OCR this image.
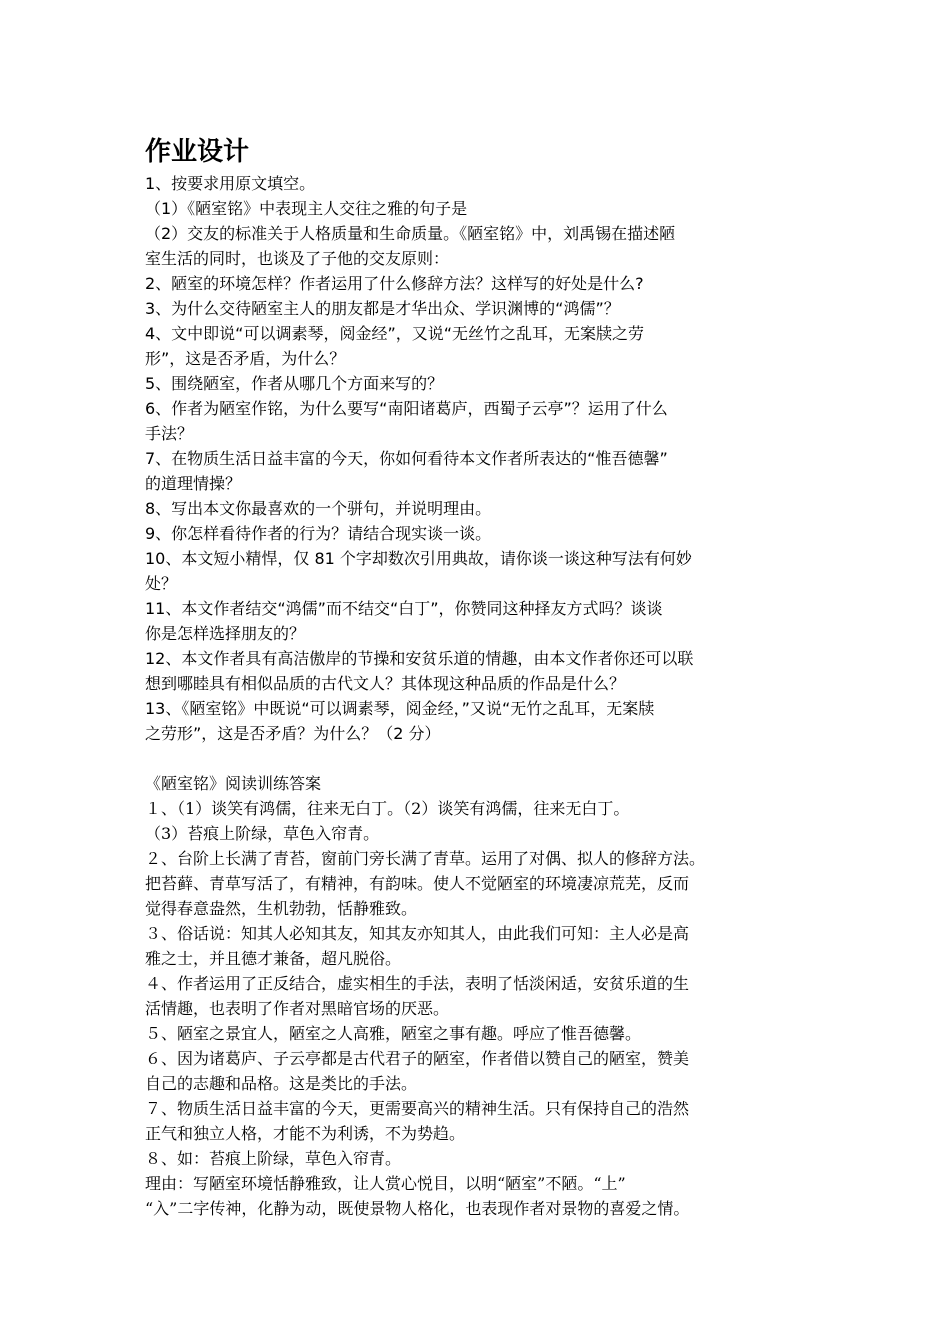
作业设计

1、按要求用原文填空。

（1）《陋室铭》中表现主人交往之雅的句子是

（2）交友的标准关于人格质量和生命质量。《陋室铭》中，刘禹锡在描述陋

室生活的同时，也谈及了子他的交友原则：

2、陋室的环境怎样？作者运用了什么修辞方法？这样写的好处是什么?

3、为什么交待陋室主人的朋友都是才华出众、学识渊博的“鸿儒”？

4、文中即说“可以调素琴，阅金经”，又说“无丝竹之乱耳，无案牍之劳

形”，这是否矛盾，为什么？

5、围绕陋室，作者从哪几个方面来写的？

6、作者为陋室作铭，为什么要写“南阳诸葛庐，西蜀子云亭”？运用了什么

手法？

7、在物质生活日益丰富的今天，你如何看待本文作者所表达的“惟吾德馨”

的道理情操？

8、写出本文你最喜欢的一个骈句，并说明理由。

9、你怎样看待作者的行为？请结合现实谈一谈。

10、本文短小精悍，仅 81 个字却数次引用典故，请你谈一谈这种写法有何妙

处？

11、本文作者结交“鸿儒”而不结交“白丁”，你赞同这种择友方式吗？谈谈

你是怎样选择朋友的？

12、本文作者具有高洁傲岸的节操和安贫乐道的情趣，由本文作者你还可以联

想到哪睦具有相似品质的古代文人？其体现这种品质的作品是什么？

13、《陋室铭》中既说“可以调素琴，阅金经，”又说“无竹之乱耳，无案牍

之劳形”，这是否矛盾？为什么？（2 分）

《陋室铭》阅读训练答案

１、（1）谈笑有鸿儒，往来无白丁。（2）谈笑有鸿儒，往来无白丁。

（3）苔痕上阶绿，草色入帘青。

２、台阶上长满了青苔，窗前门旁长满了青草。运用了对偶、拟人的修辞方法。

把苔藓、青草写活了，有精神，有韵味。使人不觉陋室的环境凄凉荒芜，反而

觉得春意盎然，生机勃勃，恬静雅致。

３、俗话说：知其人必知其友，知其友亦知其人，由此我们可知：主人必是高

雅之士，并且德才兼备，超凡脱俗。

４、作者运用了正反结合，虚实相生的手法，表明了恬淡闲适，安贫乐道的生

活情趣，也表明了作者对黑暗官场的厌恶。

５、陋室之景宜人，陋室之人高雅，陋室之事有趣。呼应了惟吾德馨。

６、因为诸葛庐、子云亭都是古代君子的陋室，作者借以赞自己的陋室，赞美

自己的志趣和品格。这是类比的手法。

７、物质生活日益丰富的今天，更需要高兴的精神生活。只有保持自己的浩然

正气和独立人格，才能不为利诱，不为势趋。

８、如：苔痕上阶绿，草色入帘青。

理由：写陋室环境恬静雅致，让人赏心悦目，以明“陋室”不陋。“上”

“入”二字传神，化静为动，既使景物人格化，也表现作者对景物的喜爱之情。
